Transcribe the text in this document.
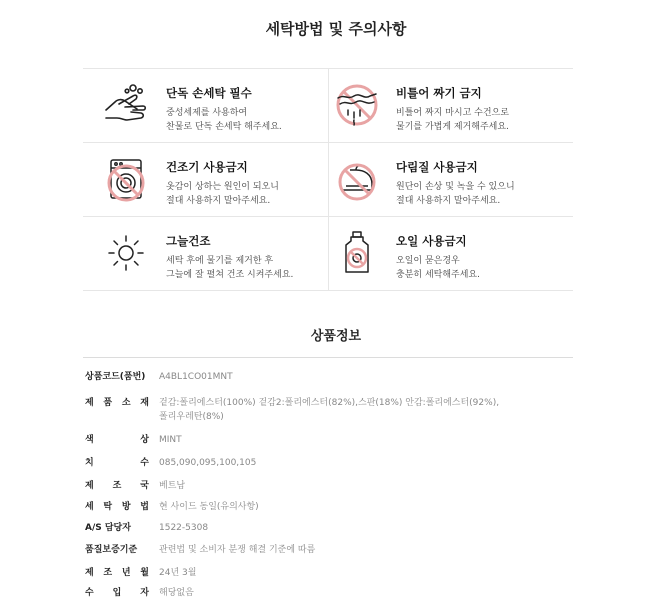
세탁방법 및 주의사항
단독 손세탁 필수
중성세제를 사용하여
찬물로 단독 손세탁 해주세요.
비틀어 짜기 금지
비틀어 짜지 마시고 수건으로
물기를 가볍게 제거해주세요.
건조기 사용금지
옷감이 상하는 원인이 되오니
절대 사용하지 말아주세요.
다림질 사용금지
원단이 손상 및 녹을 수 있으니
절대 사용하지 말아주세요.
그늘건조
세탁 후에 물기를 제거한 후
그늘에 잘 펼쳐 건조 시켜주세요.
오일 사용금지
오일이 묻은경우
충분히 세탁해주세요.
상품정보
상품코드(품번)	A4BL1CO01MNT
제 품 소 재 겉감:폴리에스터(100%) 겉감2:폴리에스터(82%),스판(18%) 안감:폴리에스터(92%),
폴리우레탄(8%)
색	상 MINT
치	수 085,090,095,100,105
제 조 국 베트남
세 탁 방 법 현 사이드 동일(유의사항)
A/S 담당자	1522-5308
품질보증기준	관련법 및 소비자 분쟁 해결 기준에 따름
제 조 년 월 24년 3월
수 입 자 해당없음
